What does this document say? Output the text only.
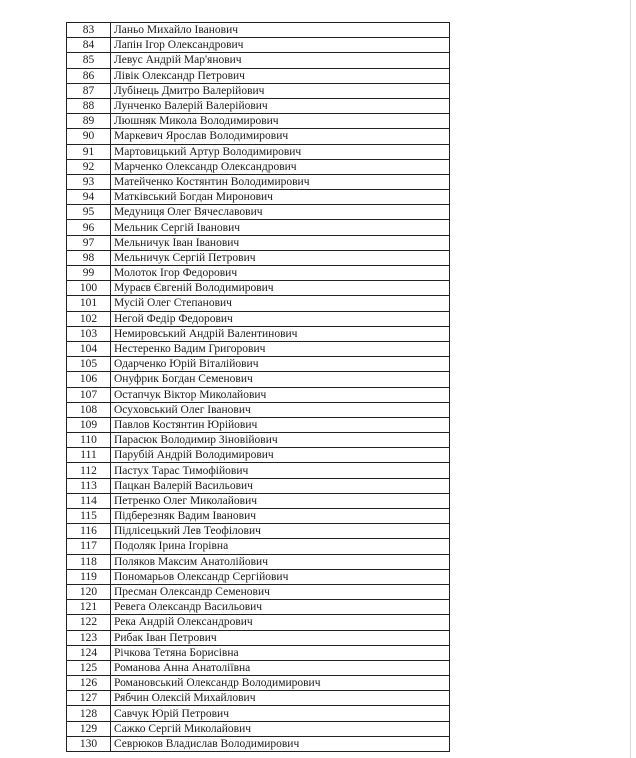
83	Ланьо Михайло Іванович
84	Лапін Ігор Олександрович
85	Левус Андрій Мар'янович
86	Лівік Олександр Петрович
87	Лубінець Дмитро Валерійович
88	Лунченко Валерій Валерійович
89	Люшняк Микола Володимирович
90	Маркевич Ярослав Володимирович
91	Мартовицький Артур Володимирович
92	Марченко Олександр Олександрович
93	Матейченко Костянтин Володимирович
94	Матківський Богдан Миронович
95	Медуниця Олег Вячеславович
96	Мельник Сергій Іванович
97	Мельничук Іван Іванович
98	Мельничук Сергій Петрович
99	Молоток Ігор Федорович
100	Мураєв Євгеній Володимирович
101	Мусій Олег Степанович
102	Негой Федір Федорович
103	Немировський Андрій Валентинович
104	Нестеренко Вадим Григорович
105	Одарченко Юрій Віталійович
106	Онуфрик Богдан Семенович
107	Остапчук Віктор Миколайович
108	Осуховський Олег Іванович
109	Павлов Костянтин Юрійович
110	Парасюк Володимир Зіновійович
111	Парубій Андрій Володимирович
112	Пастух Тарас Тимофійович
113	Пацкан Валерій Васильович
114	Петренко Олег Миколайович
115	Підберезняк Вадим Іванович
116	Підлісецький Лев Теофілович
117	Подоляк Ірина Ігорівна
118	Поляков Максим Анатолійович
119	Пономарьов Олександр Сергійович
120	Пресман Олександр Семенович
121	Ревега Олександр Васильович
122	Река Андрій Олександрович
123	Рибак Іван Петрович
124	Річкова Тетяна Борисівна
125	Романова Анна Анатоліївна
126	Романовський Олександр Володимирович
127	Рябчин Олексій Михайлович
128	Савчук Юрій Петрович
129	Сажко Сергій Миколайович
130	Севрюков Владислав Володимирович
